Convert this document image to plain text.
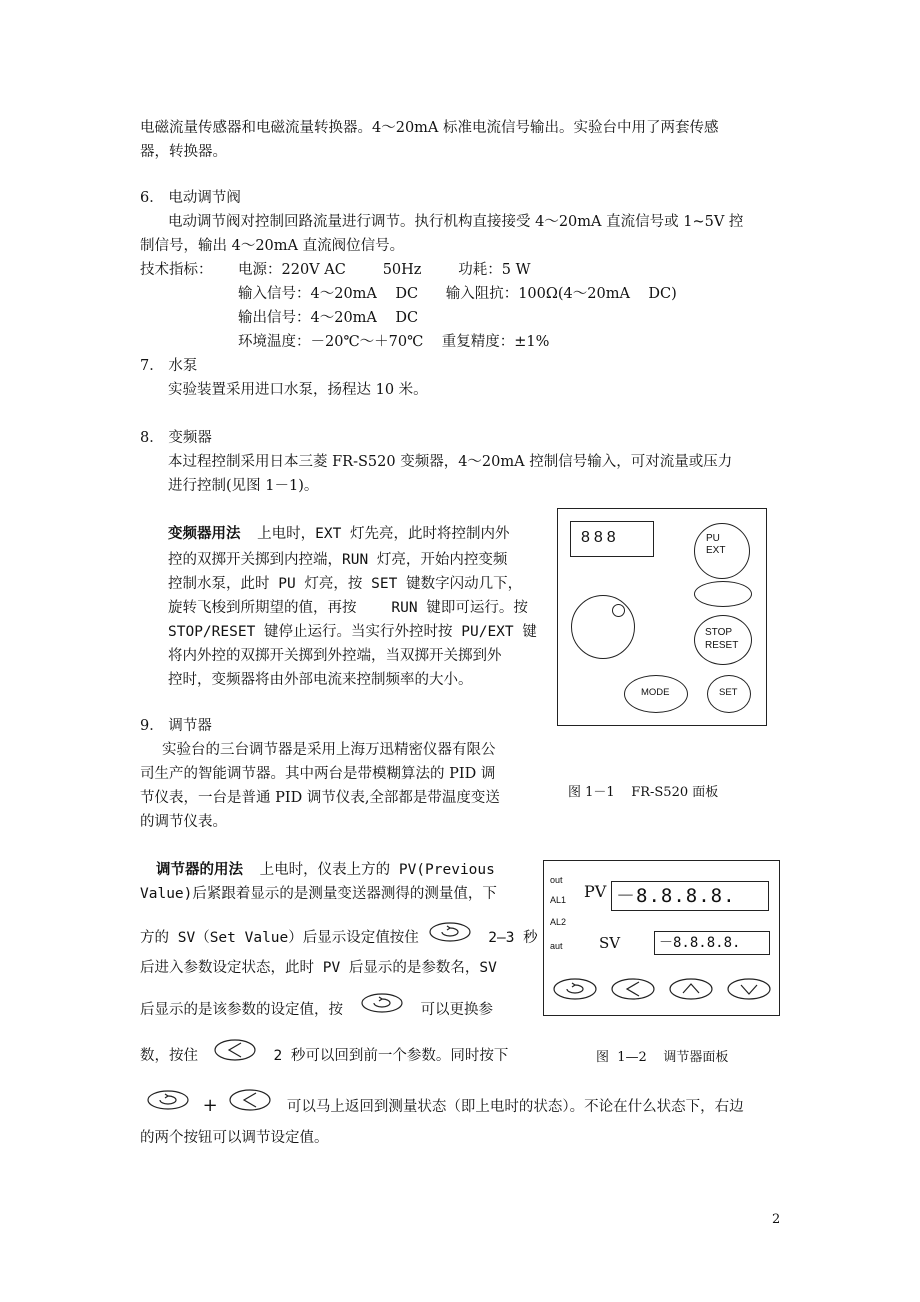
电磁流量传感器和电磁流量转换器。4～20mA 标准电流信号输出。实验台中用了两套传感
器，转换器。
6． 电动调节阀
电动调节阀对控制回路流量进行调节。执行机构直接接受 4～20mA 直流信号或 1~5V 控
制信号，输出 4～20mA 直流阀位信号。
技术指标： 电源：220V AC        50Hz        功耗：5 W
输入信号：4～20mA    DC      输入阻抗：100Ω(4～20mA    DC)
输出信号：4～20mA    DC
环境温度：－20℃～＋70℃    重复精度：±1%
7． 水泵
实验装置采用进口水泵，扬程达 10 米。
8． 变频器
本过程控制采用日本三菱 FR-S520 变频器，4～20mA 控制信号输入，可对流量或压力
进行控制(见图 1－1)。
变频器用法 上电时，EXT 灯先亮，此时将控制内外
控的双掷开关掷到内控端，RUN 灯亮，开始内控变频
控制水泵，此时 PU 灯亮，按 SET 键数字闪动几下，
旋转飞梭到所期望的值，再按    RUN 键即可运行。按
STOP/RESET 键停止运行。当实行外控时按 PU/EXT 键
将内外控的双掷开关掷到外控端，当双掷开关掷到外
控时，变频器将由外部电流来控制频率的大小。
888	PU
EXT
STOP
RESET
MODE	SET
图 1－1    FR-S520 面板
9． 调节器
实验台的三台调节器是采用上海万迅精密仪器有限公
司生产的智能调节器。其中两台是带模糊算法的 PID 调
节仪表，一台是普通 PID 调节仪表,全部都是带温度变送
的调节仪表。
调节器的用法 上电时，仪表上方的 PV(Previous
Value)后紧跟着显示的是测量变送器测得的测量值，下
方的 SV（Set Value）后显示设定值按住	2—3 秒
后进入参数设定状态，此时 PV 后显示的是参数名，SV
后显示的是该参数的设定值，按	可以更换参
数，按住	2 秒可以回到前一个参数。同时按下
+	可以马上返回到测量状态（即上电时的状态）。不论在什么状态下，右边
的两个按钮可以调节设定值。
out
AL1
AL2
aut
PV －8.8.8.8.
SV	－8.8.8.8.
图  1—2    调节器面板
2
